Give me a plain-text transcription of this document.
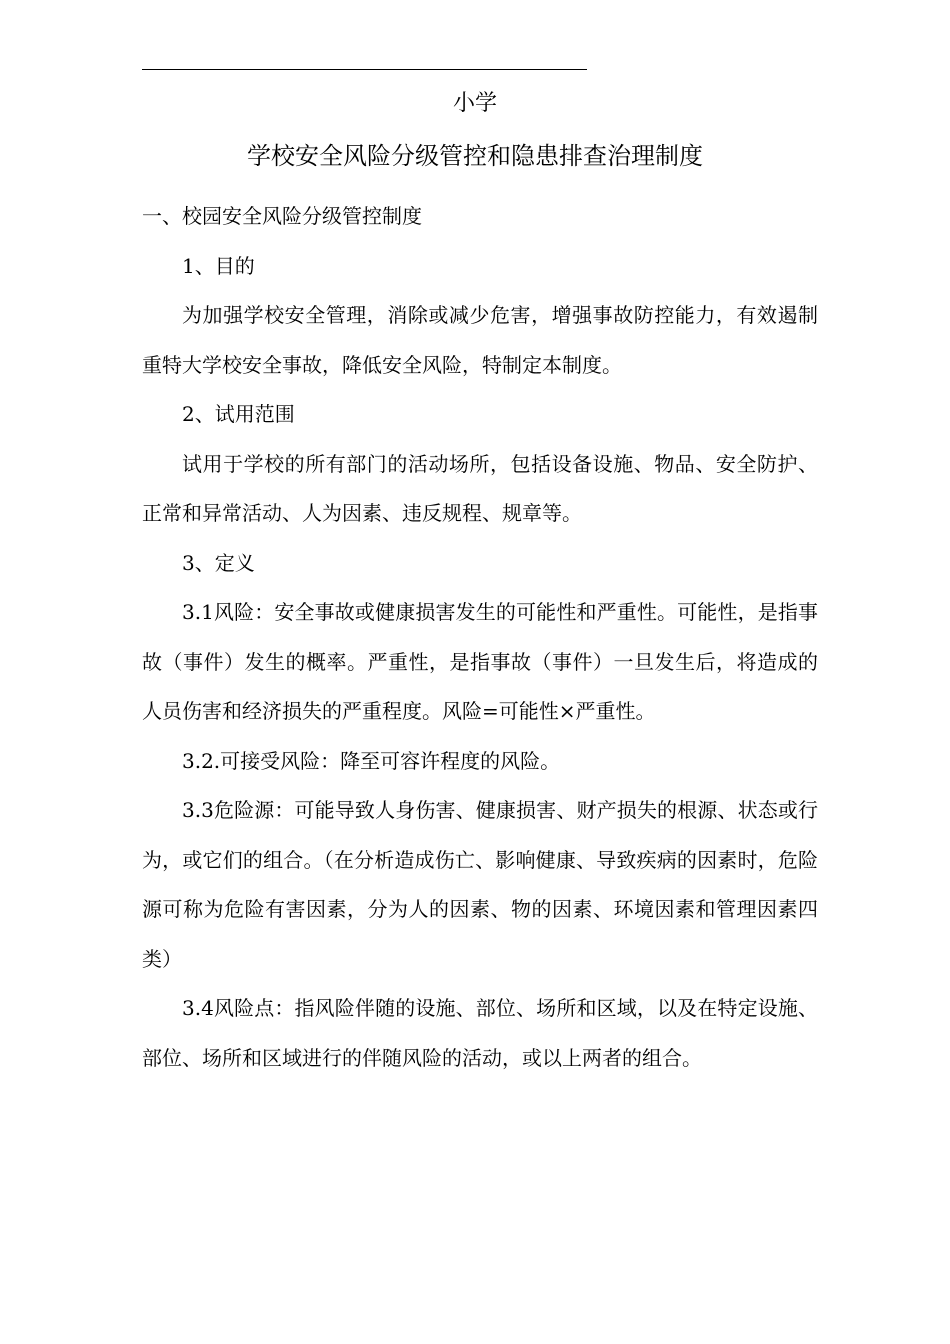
小学
学校安全风险分级管控和隐患排查治理制度

一、校园安全风险分级管控制度

1、目的

为加强学校安全管理，消除或减少危害，增强事故防控能力，有效遏制重特大学校安全事故，降低安全风险，特制定本制度。

2、试用范围

试用于学校的所有部门的活动场所，包括设备设施、物品、安全防护、正常和异常活动、人为因素、违反规程、规章等。

3、定义

3.1风险：安全事故或健康损害发生的可能性和严重性。可能性，是指事故（事件）发生的概率。严重性，是指事故（事件）一旦发生后，将造成的人员伤害和经济损失的严重程度。风险=可能性×严重性。

3.2.可接受风险：降至可容许程度的风险。

3.3危险源：可能导致人身伤害、健康损害、财产损失的根源、状态或行为，或它们的组合。（在分析造成伤亡、影响健康、导致疾病的因素时，危险源可称为危险有害因素，分为人的因素、物的因素、环境因素和管理因素四类）

3.4风险点：指风险伴随的设施、部位、场所和区域，以及在特定设施、部位、场所和区域进行的伴随风险的活动，或以上两者的组合。
